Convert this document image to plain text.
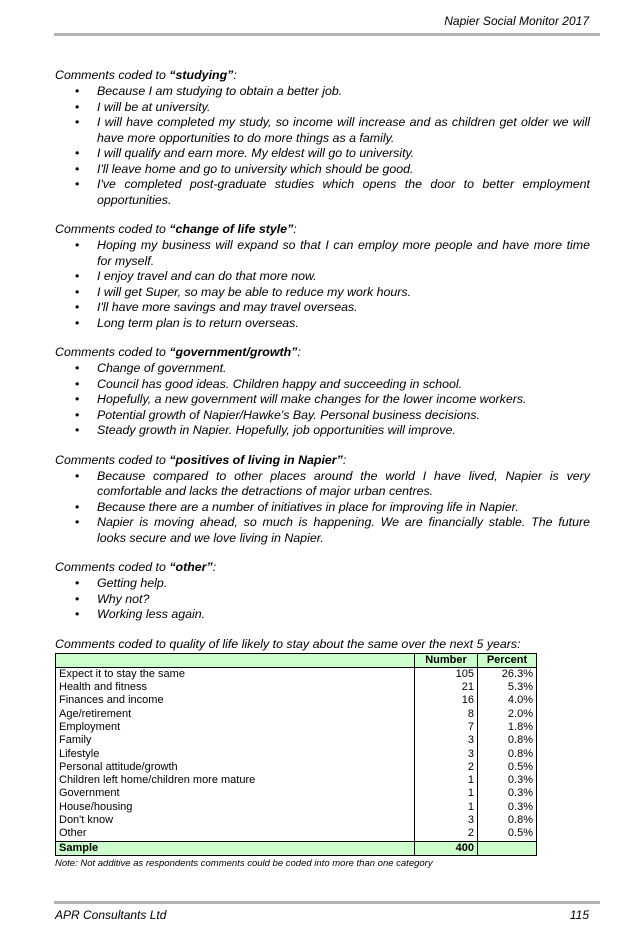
Napier Social Monitor 2017
Comments coded to “studying”:
• Because I am studying to obtain a better job.
• I will be at university.
• I will have completed my study, so income will increase and as children get older we will have more opportunities to do more things as a family.
• I will qualify and earn more. My eldest will go to university.
• I'll leave home and go to university which should be good.
• I've completed post-graduate studies which opens the door to better employment opportunities.
Comments coded to “change of life style”:
• Hoping my business will expand so that I can employ more people and have more time for myself.
• I enjoy travel and can do that more now.
• I will get Super, so may be able to reduce my work hours.
• I'll have more savings and may travel overseas.
• Long term plan is to return overseas.
Comments coded to “government/growth”:
• Change of government.
• Council has good ideas. Children happy and succeeding in school.
• Hopefully, a new government will make changes for the lower income workers.
• Potential growth of Napier/Hawke's Bay. Personal business decisions.
• Steady growth in Napier. Hopefully, job opportunities will improve.
Comments coded to “positives of living in Napier”:
• Because compared to other places around the world I have lived, Napier is very comfortable and lacks the detractions of major urban centres.
• Because there are a number of initiatives in place for improving life in Napier.
• Napier is moving ahead, so much is happening. We are financially stable. The future looks secure and we love living in Napier.
Comments coded to “other”:
• Getting help.
• Why not?
• Working less again.
Comments coded to quality of life likely to stay about the same over the next 5 years:
	Number	Percent
Expect it to stay the same	105	26.3%
Health and fitness	21	5.3%
Finances and income	16	4.0%
Age/retirement	8	2.0%
Employment	7	1.8%
Family	3	0.8%
Lifestyle	3	0.8%
Personal attitude/growth	2	0.5%
Children left home/children more mature	1	0.3%
Government	1	0.3%
House/housing	1	0.3%
Don't know	3	0.8%
Other	2	0.5%
Sample	400	
Note: Not additive as respondents comments could be coded into more than one category
APR Consultants Ltd	115
